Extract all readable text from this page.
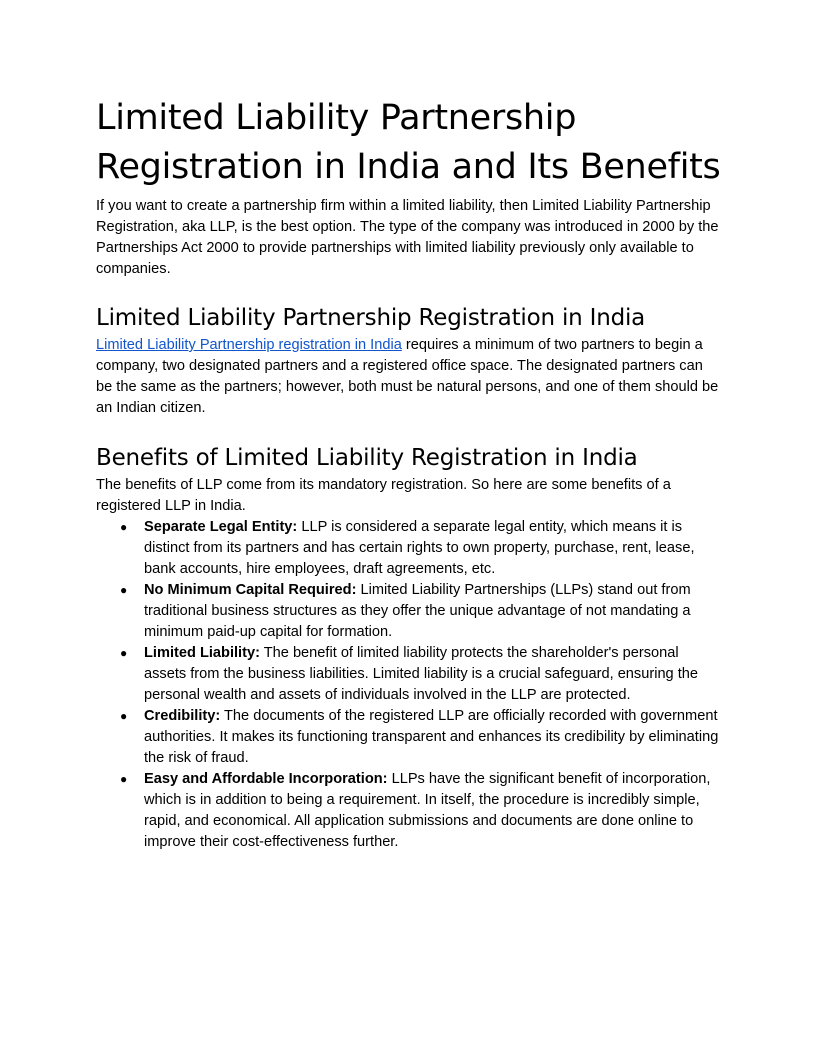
Limited Liability Partnership Registration in India and Its Benefits

If you want to create a partnership firm within a limited liability, then Limited Liability Partnership Registration, aka LLP, is the best option. The type of the company was introduced in 2000 by the Partnerships Act 2000 to provide partnerships with limited liability previously only available to companies.

Limited Liability Partnership Registration in India

Limited Liability Partnership registration in India requires a minimum of two partners to begin a company, two designated partners and a registered office space. The designated partners can be the same as the partners; however, both must be natural persons, and one of them should be an Indian citizen.

Benefits of Limited Liability Registration in India

The benefits of LLP come from its mandatory registration. So here are some benefits of a registered LLP in India.

● Separate Legal Entity: LLP is considered a separate legal entity, which means it is distinct from its partners and has certain rights to own property, purchase, rent, lease, bank accounts, hire employees, draft agreements, etc.
● No Minimum Capital Required: Limited Liability Partnerships (LLPs) stand out from traditional business structures as they offer the unique advantage of not mandating a minimum paid-up capital for formation.
● Limited Liability: The benefit of limited liability protects the shareholder's personal assets from the business liabilities. Limited liability is a crucial safeguard, ensuring the personal wealth and assets of individuals involved in the LLP are protected.
● Credibility: The documents of the registered LLP are officially recorded with government authorities. It makes its functioning transparent and enhances its credibility by eliminating the risk of fraud.
● Easy and Affordable Incorporation: LLPs have the significant benefit of incorporation, which is in addition to being a requirement. In itself, the procedure is incredibly simple, rapid, and economical. All application submissions and documents are done online to improve their cost-effectiveness further.
